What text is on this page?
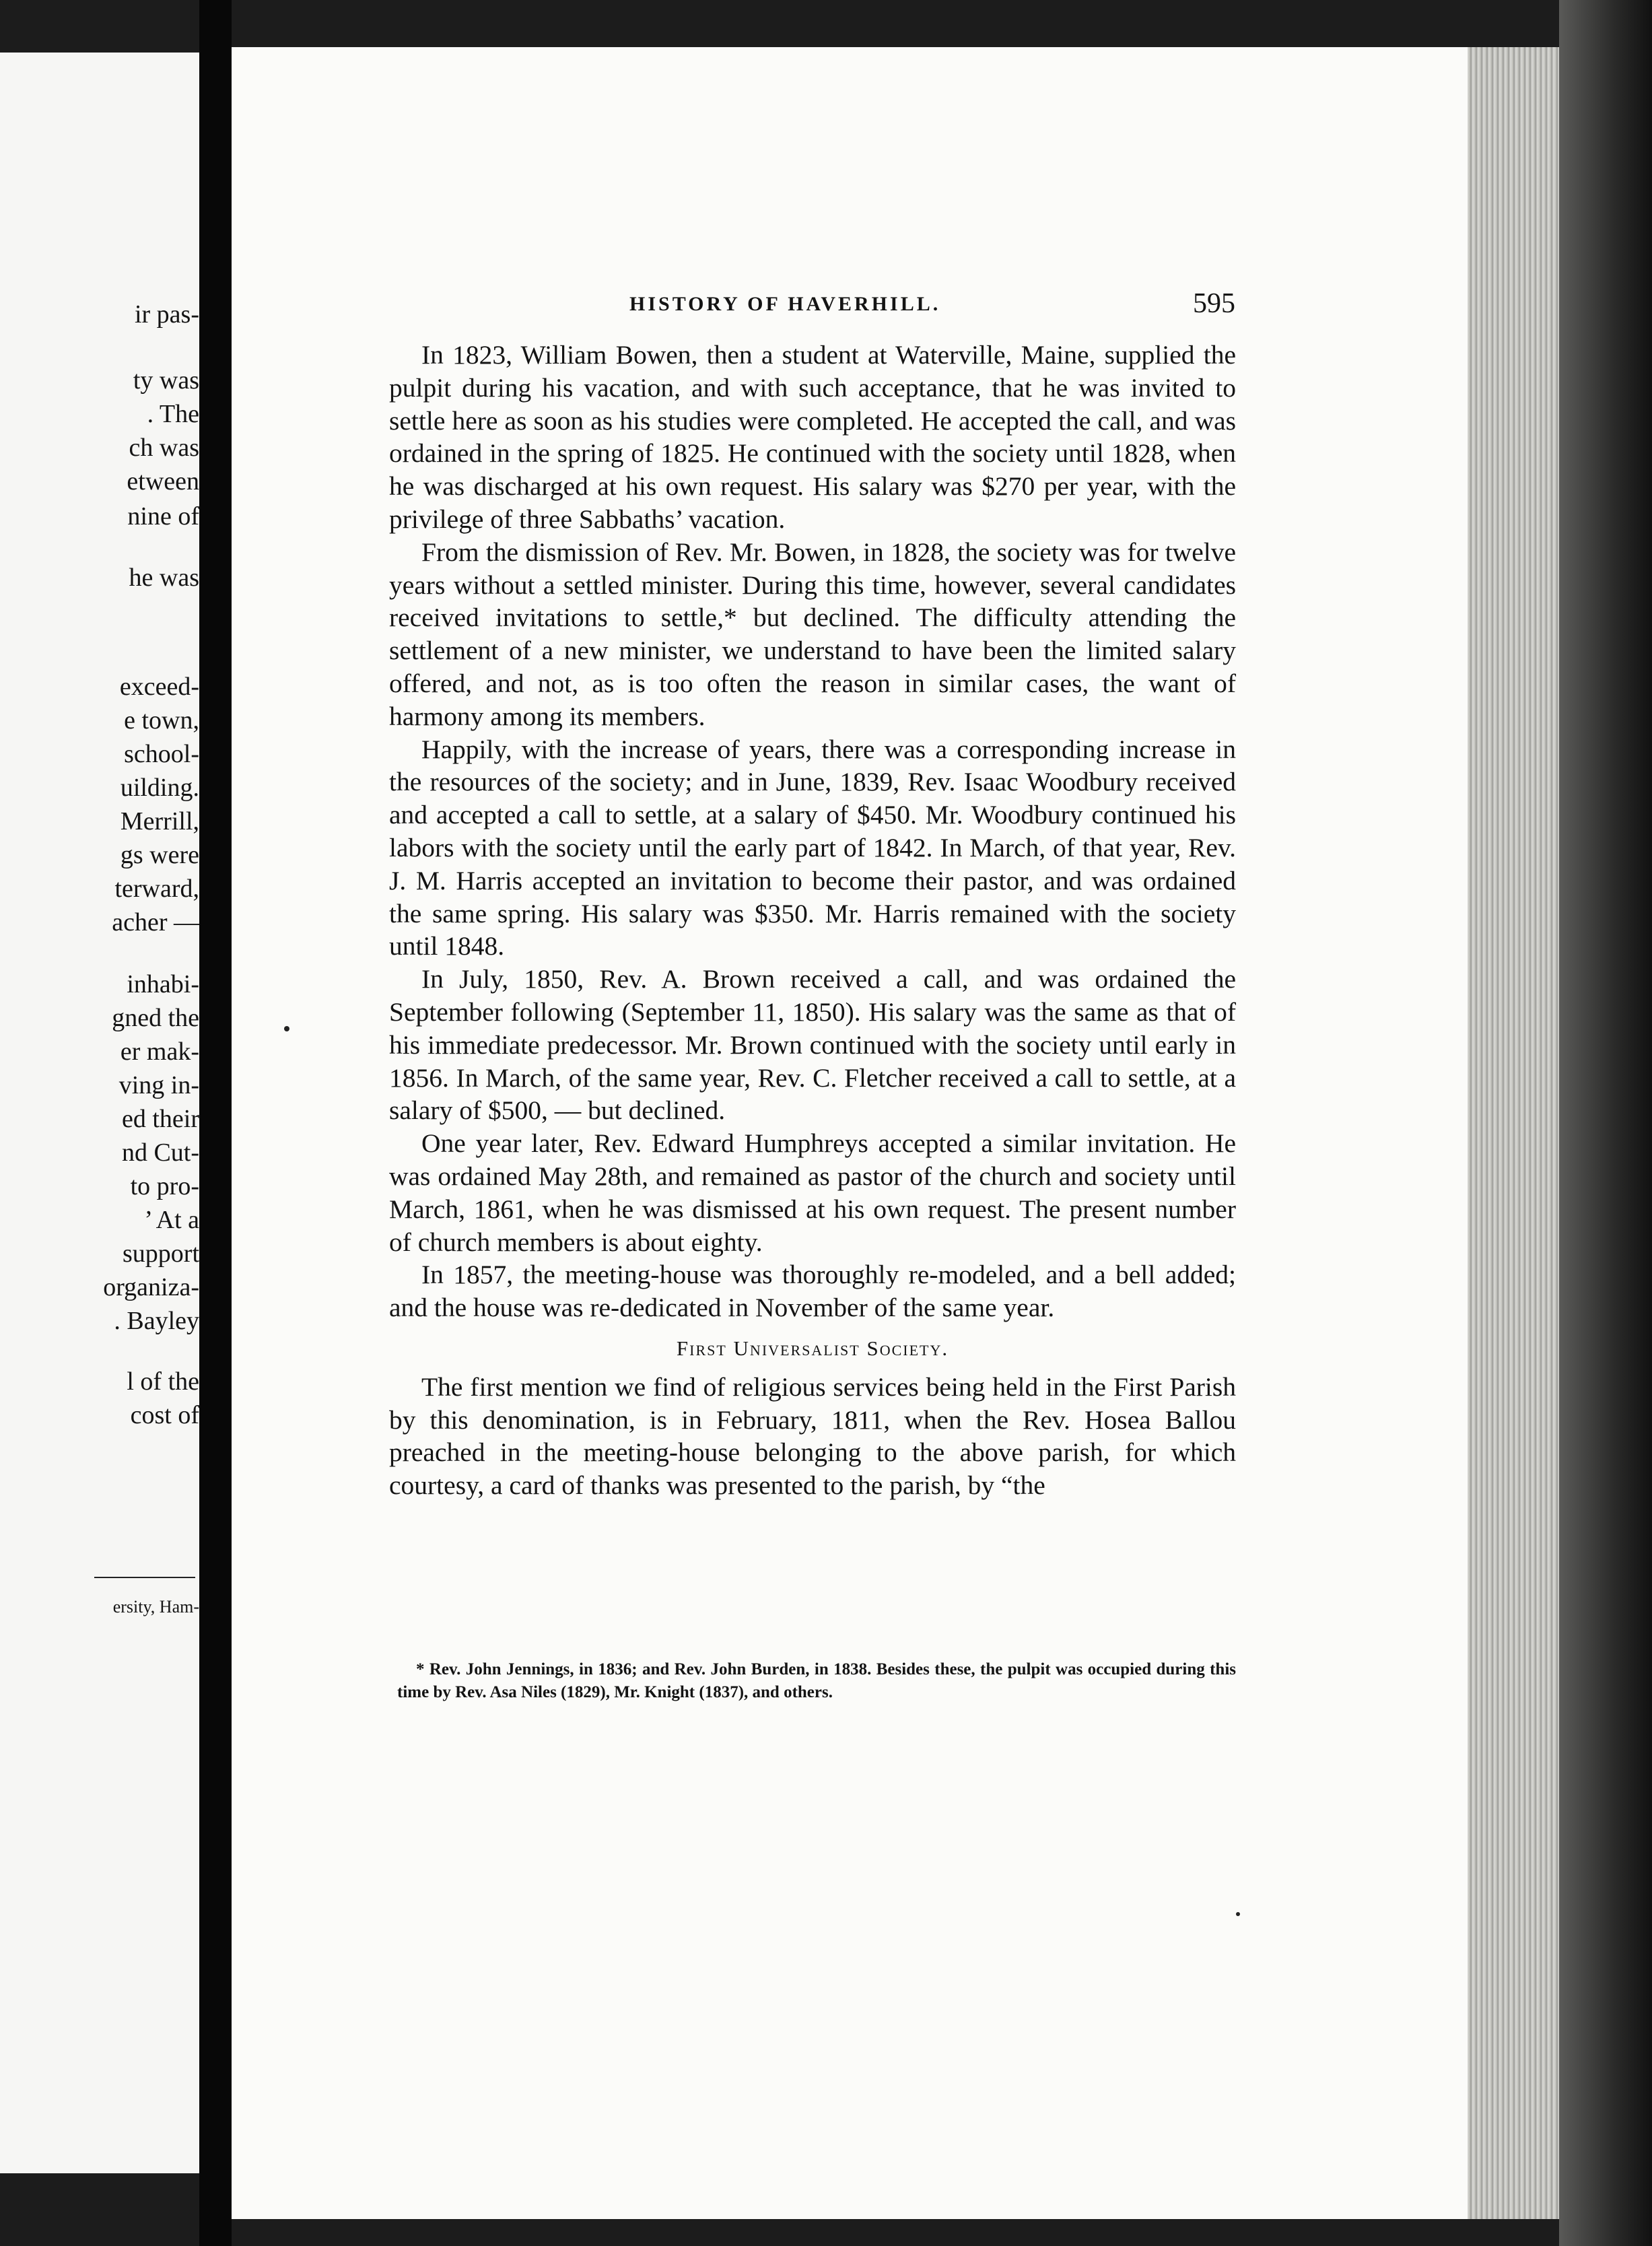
ir pas-
ty was
. The
ch was
etween
nine of
he was
exceed-
e town,
school-
uilding.
Merrill,
gs were
terward,
acher —
inhabi-
gned the
er mak-
ving in-
ed their
nd Cut-
to pro-
’ At a
support
organiza-
. Bayley
l of the
cost of
ersity, Ham-
HISTORY OF HAVERHILL.	595

In 1823, William Bowen, then a student at Waterville, Maine, supplied the pulpit during his vacation, and with such acceptance, that he was invited to settle here as soon as his studies were completed. He accepted the call, and was ordained in the spring of 1825. He continued with the society until 1828, when he was discharged at his own request. His salary was $270 per year, with the privilege of three Sabbaths’ vacation.

From the dismission of Rev. Mr. Bowen, in 1828, the society was for twelve years without a settled minister. During this time, however, several candidates received invitations to settle,* but declined. The difficulty attending the settlement of a new minister, we understand to have been the limited salary offered, and not, as is too often the reason in similar cases, the want of harmony among its members.

Happily, with the increase of years, there was a corresponding increase in the resources of the society; and in June, 1839, Rev. Isaac Woodbury received and accepted a call to settle, at a salary of $450. Mr. Woodbury continued his labors with the society until the early part of 1842. In March, of that year, Rev. J. M. Harris accepted an invitation to become their pastor, and was ordained the same spring. His salary was $350. Mr. Harris remained with the society until 1848.

In July, 1850, Rev. A. Brown received a call, and was ordained the September following (September 11, 1850). His salary was the same as that of his immediate predecessor. Mr. Brown continued with the society until early in 1856. In March, of the same year, Rev. C. Fletcher received a call to settle, at a salary of $500, — but declined.

One year later, Rev. Edward Humphreys accepted a similar invitation. He was ordained May 28th, and remained as pastor of the church and society until March, 1861, when he was dismissed at his own request. The present number of church members is about eighty.

In 1857, the meeting-house was thoroughly re-modeled, and a bell added; and the house was re-dedicated in November of the same year.

First Universalist Society.

The first mention we find of religious services being held in the First Parish by this denomination, is in February, 1811, when the Rev. Hosea Ballou preached in the meeting-house belonging to the above parish, for which courtesy, a card of thanks was presented to the parish, by “the

* Rev. John Jennings, in 1836; and Rev. John Burden, in 1838. Besides these, the pulpit was occupied during this time by Rev. Asa Niles (1829), Mr. Knight (1837), and others.
